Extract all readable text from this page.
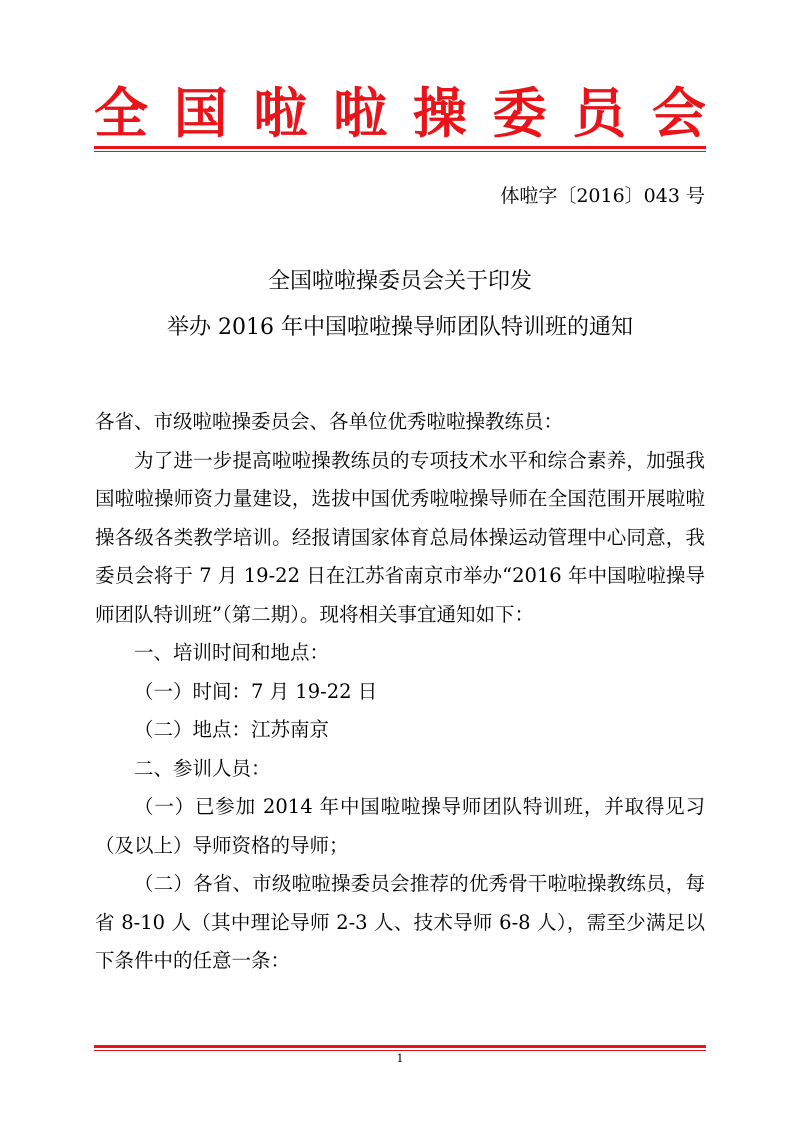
全 国 啦 啦 操 委 员 会
体啦字〔2016〕043 号
全国啦啦操委员会关于印发
举办 2016 年中国啦啦操导师团队特训班的通知

各省、市级啦啦操委员会、各单位优秀啦啦操教练员：

为了进一步提高啦啦操教练员的专项技术水平和综合素养，加强我国啦啦操师资力量建设，选拔中国优秀啦啦操导师在全国范围开展啦啦操各级各类教学培训。经报请国家体育总局体操运动管理中心同意，我委员会将于 7 月 19-22 日在江苏省南京市举办“2016 年中国啦啦操导师团队特训班”（第二期）。现将相关事宜通知如下：

一、培训时间和地点：

（一）时间：7 月 19-22 日

（二）地点：江苏南京

二、参训人员：

（一）已参加 2014 年中国啦啦操导师团队特训班，并取得见习（及以上）导师资格的导师；

（二）各省、市级啦啦操委员会推荐的优秀骨干啦啦操教练员，每省 8-10 人（其中理论导师 2-3 人、技术导师 6-8 人），需至少满足以下条件中的任意一条：

1
